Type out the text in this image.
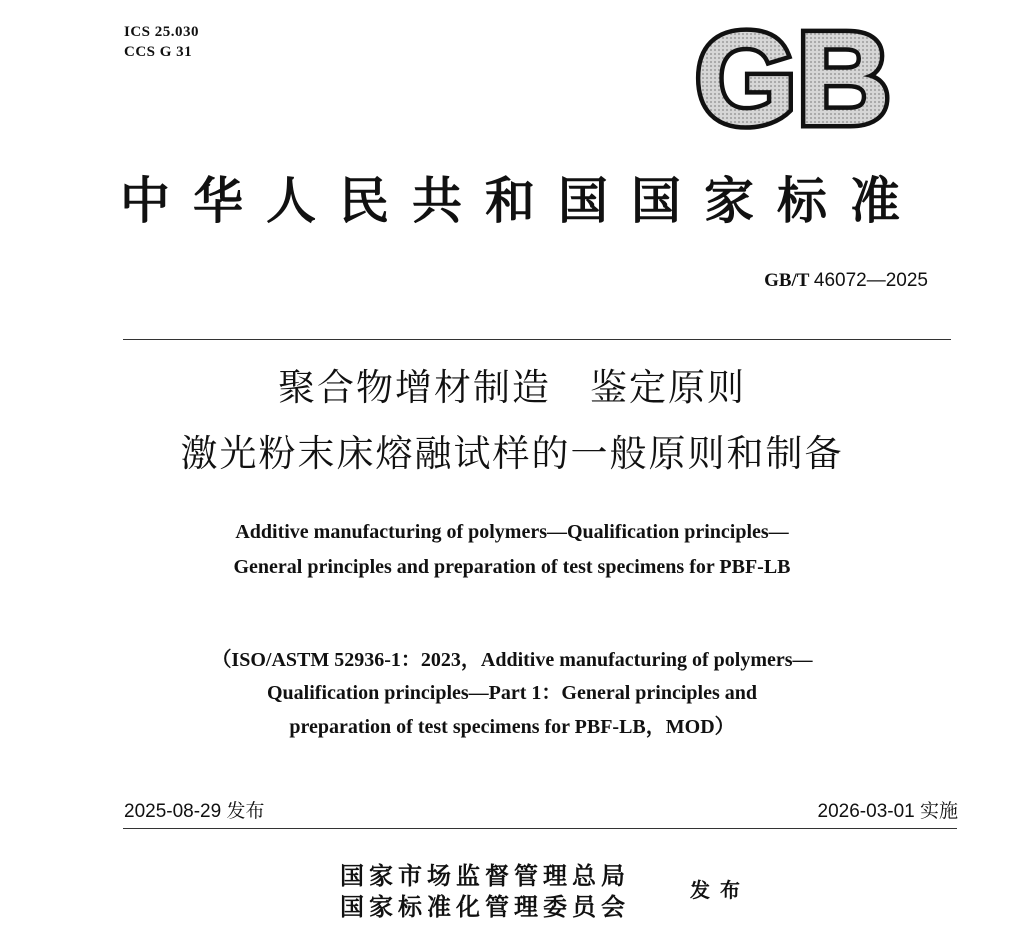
ICS 25.030
CCS G 31	GB
中华人民共和国国家标准
GB/T 46072—2025
聚合物增材制造　鉴定原则
激光粉末床熔融试样的一般原则和制备
Additive manufacturing of polymers—Qualification principles—
General principles and preparation of test specimens for PBF-LB
（ISO/ASTM 52936-1：2023，Additive manufacturing of polymers—
Qualification principles—Part 1：General principles and
preparation of test specimens for PBF-LB，MOD）
2025-08-29 发布	2026-03-01 实施
国家市场监督管理总局
国家标准化管理委员会
发布
